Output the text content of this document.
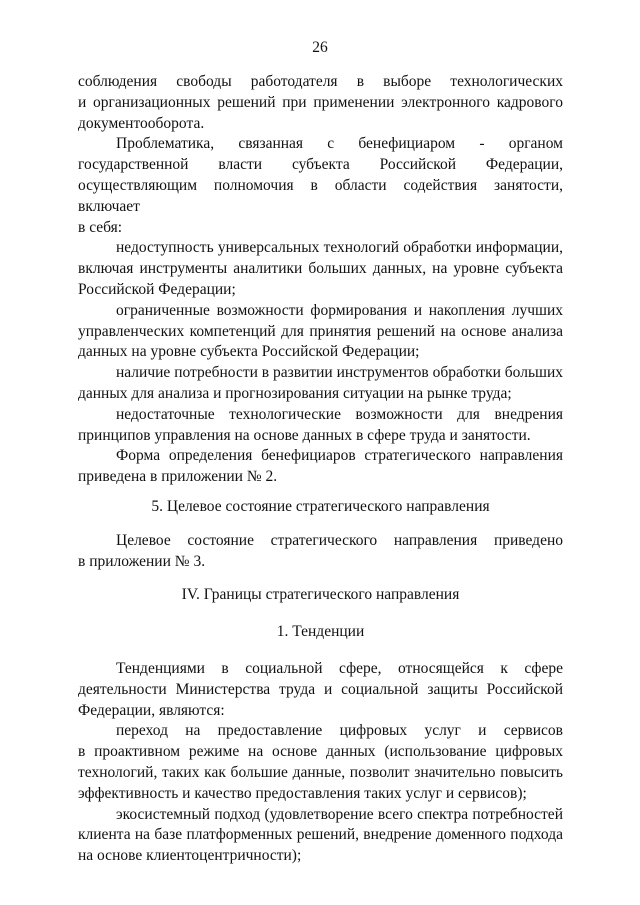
26
соблюдения свободы работодателя в выборе технологических
и организационных решений при применении электронного кадрового
документооборота.
Проблематика, связанная с бенефициаром - органом
государственной власти субъекта Российской Федерации,
осуществляющим полномочия в области содействия занятости, включает
в себя:
недоступность универсальных технологий обработки информации,
включая инструменты аналитики больших данных, на уровне субъекта
Российской Федерации;
ограниченные возможности формирования и накопления лучших
управленческих компетенций для принятия решений на основе анализа
данных на уровне субъекта Российской Федерации;
наличие потребности в развитии инструментов обработки больших
данных для анализа и прогнозирования ситуации на рынке труда;
недостаточные технологические возможности для внедрения
принципов управления на основе данных в сфере труда и занятости.
Форма определения бенефициаров стратегического направления
приведена в приложении № 2.
5. Целевое состояние стратегического направления
Целевое состояние стратегического направления приведено
в приложении № 3.
IV. Границы стратегического направления
1. Тенденции
Тенденциями в социальной сфере, относящейся к сфере
деятельности Министерства труда и социальной защиты Российской
Федерации, являются:
переход на предоставление цифровых услуг и сервисов
в проактивном режиме на основе данных (использование цифровых
технологий, таких как большие данные, позволит значительно повысить
эффективность и качество предоставления таких услуг и сервисов);
экосистемный подход (удовлетворение всего спектра потребностей
клиента на базе платформенных решений, внедрение доменного подхода
на основе клиентоцентричности);
